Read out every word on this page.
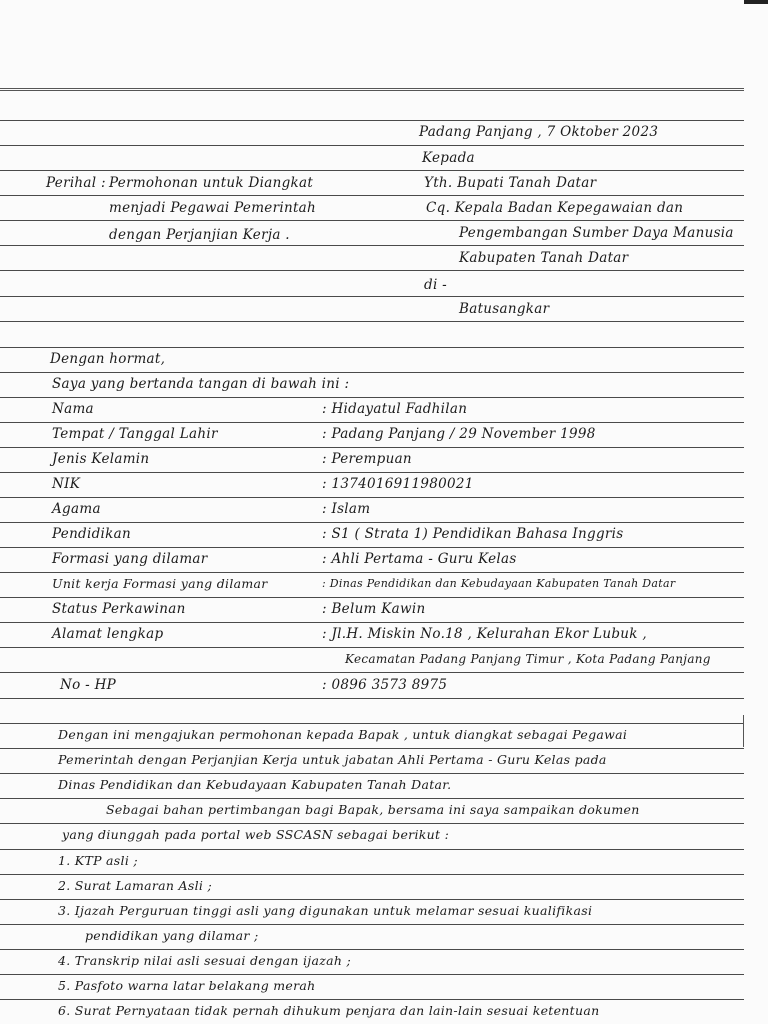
Padang Panjang , 7 Oktober 2023
Kepada
Yth. Bupati Tanah Datar
Cq. Kepala Badan Kepegawaian dan
Pengembangan Sumber Daya Manusia
Kabupaten Tanah Datar
di -
Batusangkar
Perihal : Permohonan untuk Diangkat
menjadi Pegawai Pemerintah
dengan Perjanjian Kerja .
Dengan hormat,
Saya yang bertanda tangan di bawah ini :
Nama	: Hidayatul Fadhilan
Tempat / Tanggal Lahir	: Padang Panjang / 29 November 1998
Jenis Kelamin	: Perempuan
NIK	: 1374016911980021
Agama	: Islam
Pendidikan	: S1 ( Strata 1) Pendidikan Bahasa Inggris
Formasi yang dilamar	: Ahli Pertama - Guru Kelas
Unit kerja Formasi yang dilamar	: Dinas Pendidikan dan Kebudayaan Kabupaten Tanah Datar
Status Perkawinan	: Belum Kawin
Alamat lengkap	: Jl.H. Miskin No.18 , Kelurahan Ekor Lubuk ,
Kecamatan Padang Panjang Timur , Kota Padang Panjang
No - HP	: 0896 3573 8975
Dengan ini mengajukan permohonan kepada Bapak , untuk diangkat sebagai Pegawai
Pemerintah dengan Perjanjian Kerja untuk jabatan Ahli Pertama - Guru Kelas pada
Dinas Pendidikan dan Kebudayaan Kabupaten Tanah Datar.
Sebagai bahan pertimbangan bagi Bapak, bersama ini saya sampaikan dokumen
yang diunggah pada portal web SSCASN sebagai berikut :
1. KTP asli ;
2. Surat Lamaran Asli ;
3. Ijazah Perguruan tinggi asli yang digunakan untuk melamar sesuai kualifikasi
pendidikan yang dilamar ;
4. Transkrip nilai asli sesuai dengan ijazah ;
5. Pasfoto warna latar belakang merah
6. Surat Pernyataan tidak pernah dihukum penjara dan lain-lain sesuai ketentuan
